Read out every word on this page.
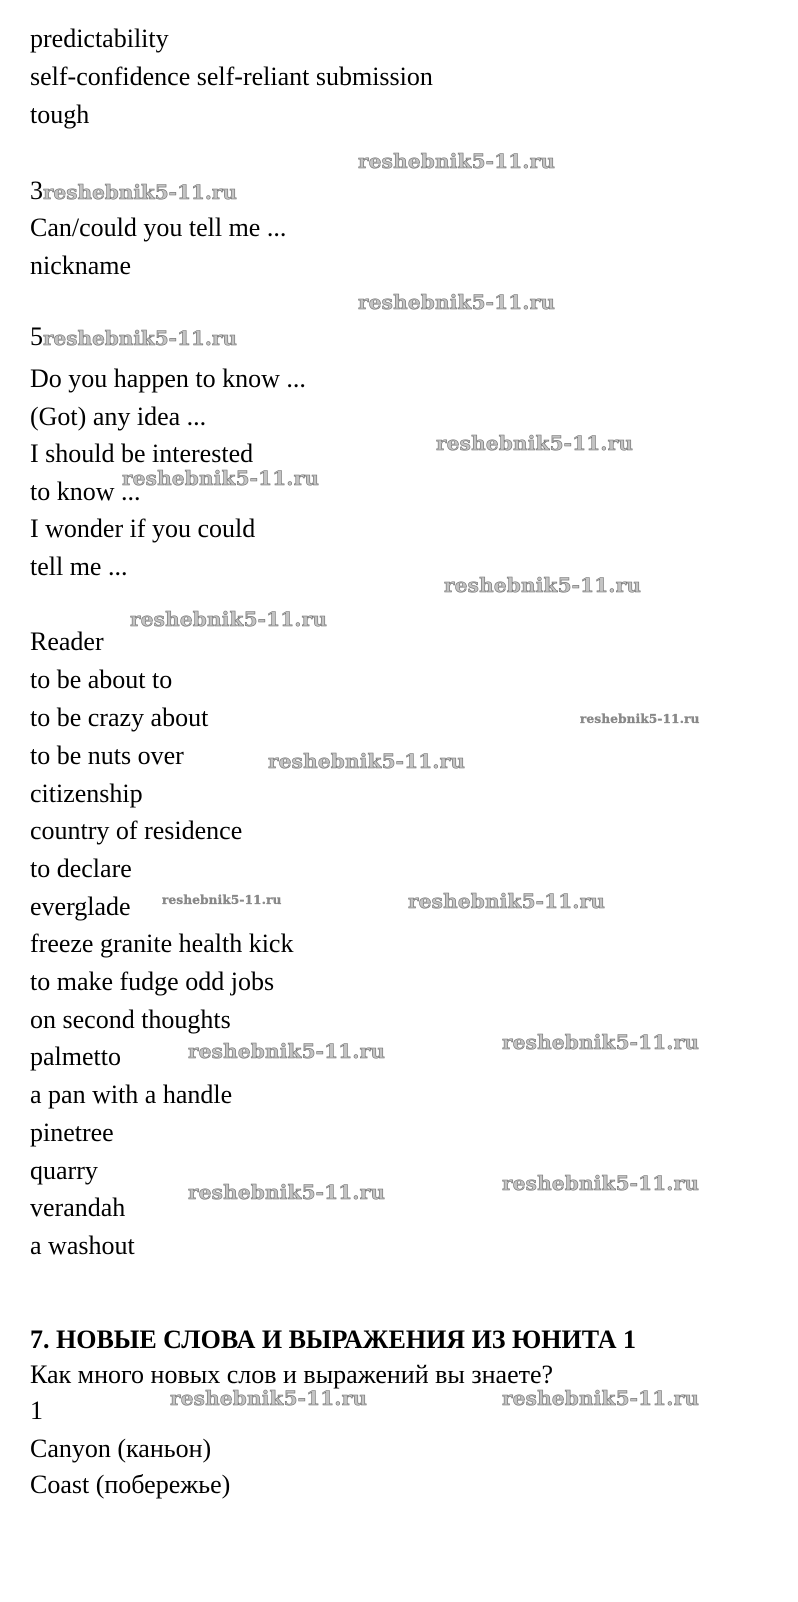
predictability
self-confidence self-reliant submission
tough
3reshebnik5-11.ru
Can/could you tell me ...
nickname
5reshebnik5-11.ru
Do you happen to know ...
(Got) any idea ...
I should be interested
to know ...
I wonder if you could
tell me ...
Reader
to be about to
to be crazy about
to be nuts over
citizenship
country of residence
to declare
everglade
freeze granite health kick
to make fudge odd jobs
on second thoughts
palmetto
a pan with a handle
pinetree
quarry
verandah
a washout
7. НОВЫЕ СЛОВА И ВЫРАЖЕНИЯ ИЗ ЮНИТА 1
Как много новых слов и выражений вы знаете?
1
Canyon (каньон)
Coast (побережье)
reshebnik5-11.ru
reshebnik5-11.ru
reshebnik5-11.ru
reshebnik5-11.ru
reshebnik5-11.ru
reshebnik5-11.ru
reshebnik5-11.ru
reshebnik5-11.ru
reshebnik5-11.ru	reshebnik5-11.ru
reshebnik5-11.ru
reshebnik5-11.ru
reshebnik5-11.ru
reshebnik5-11.ru
reshebnik5-11.ru	reshebnik5-11.ru
